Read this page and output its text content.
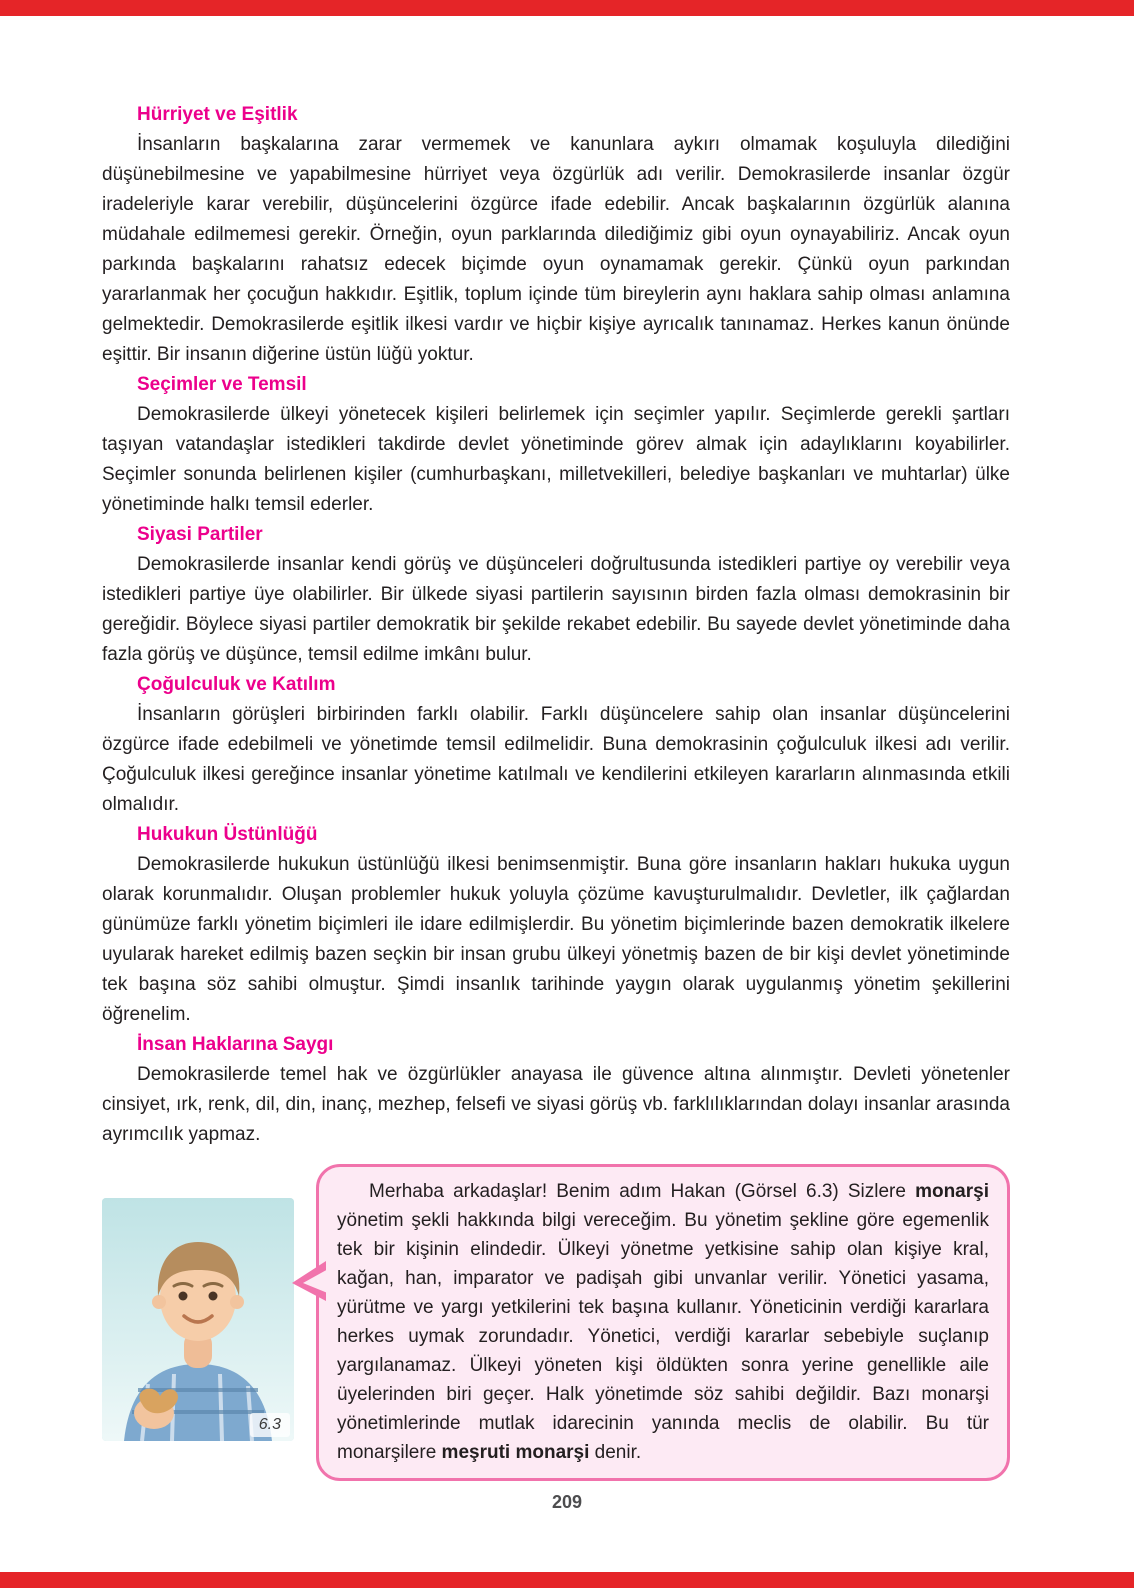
Hürriyet ve Eşitlik

İnsanların başkalarına zarar vermemek ve kanunlara aykırı olmamak koşuluyla dilediğini düşünebilmesine ve yapabilmesine hürriyet veya özgürlük adı verilir. Demokrasilerde insanlar özgür iradeleriyle karar verebilir, düşüncelerini özgürce ifade edebilir. Ancak başkalarının özgürlük alanına müdahale edilmemesi gerekir. Örneğin, oyun parklarında dilediğimiz gibi oyun oynayabiliriz. Ancak oyun parkında başkalarını rahatsız edecek biçimde oyun oynamamak gerekir. Çünkü oyun parkından yararlanmak her çocuğun hakkıdır. Eşitlik, toplum içinde tüm bireylerin aynı haklara sahip olması anlamına gelmektedir. Demokrasilerde eşitlik ilkesi vardır ve hiçbir kişiye ayrıcalık tanınamaz. Herkes kanun önünde eşittir. Bir insanın diğerine üstün lüğü yoktur.

Seçimler ve Temsil

Demokrasilerde ülkeyi yönetecek kişileri belirlemek için seçimler yapılır. Seçimlerde gerekli şartları taşıyan vatandaşlar istedikleri takdirde devlet yönetiminde görev almak için adaylıklarını koyabilirler. Seçimler sonunda belirlenen kişiler (cumhurbaşkanı, milletvekilleri, belediye başkanları ve muhtarlar) ülke yönetiminde halkı temsil ederler.

Siyasi Partiler

Demokrasilerde insanlar kendi görüş ve düşünceleri doğrultusunda istedikleri partiye oy verebilir veya istedikleri partiye üye olabilirler. Bir ülkede siyasi partilerin sayısının birden fazla olması demokrasinin bir gereğidir. Böylece siyasi partiler demokratik bir şekilde rekabet edebilir. Bu sayede devlet yönetiminde daha fazla görüş ve düşünce, temsil edilme imkânı bulur.

Çoğulculuk ve Katılım

İnsanların görüşleri birbirinden farklı olabilir. Farklı düşüncelere sahip olan insanlar düşüncelerini özgürce ifade edebilmeli ve yönetimde temsil edilmelidir. Buna demokrasinin çoğulculuk ilkesi adı verilir. Çoğulculuk ilkesi gereğince insanlar yönetime katılmalı ve kendilerini etkileyen kararların alınmasında etkili olmalıdır.

Hukukun Üstünlüğü

Demokrasilerde hukukun üstünlüğü ilkesi benimsenmiştir. Buna göre insanların hakları hukuka uygun olarak korunmalıdır. Oluşan problemler hukuk yoluyla çözüme kavuşturulmalıdır. Devletler, ilk çağlardan günümüze farklı yönetim biçimleri ile idare edilmişlerdir. Bu yönetim biçimlerinde bazen demokratik ilkelere uyularak hareket edilmiş bazen seçkin bir insan grubu ülkeyi yönetmiş bazen de bir kişi devlet yönetiminde tek başına söz sahibi olmuştur. Şimdi insanlık tarihinde yaygın olarak uygulanmış yönetim şekillerini öğrenelim.

İnsan Haklarına Saygı

Demokrasilerde temel hak ve özgürlükler anayasa ile güvence altına alınmıştır. Devleti yönetenler cinsiyet, ırk, renk, dil, din, inanç, mezhep, felsefi ve siyasi görüş vb. farklılıklarından dolayı insanlar arasında ayrımcılık yapmaz.

6.3

Merhaba arkadaşlar! Benim adım Hakan (Görsel 6.3) Sizlere monarşi yönetim şekli hakkında bilgi vereceğim. Bu yönetim şekline göre egemenlik tek bir kişinin elindedir. Ülkeyi yönetme yetkisine sahip olan kişiye kral, kağan, han, imparator ve padişah gibi unvanlar verilir. Yönetici yasama, yürütme ve yargı yetkilerini tek başına kullanır. Yöneticinin verdiği kararlara herkes uymak zorundadır. Yönetici, verdiği kararlar sebebiyle suçlanıp yargılanamaz. Ülkeyi yöneten kişi öldükten sonra yerine genellikle aile üyelerinden biri geçer. Halk yönetimde söz sahibi değildir. Bazı monarşi yönetimlerinde mutlak idarecinin yanında meclis de olabilir. Bu tür monarşilere meşruti monarşi denir.

209
